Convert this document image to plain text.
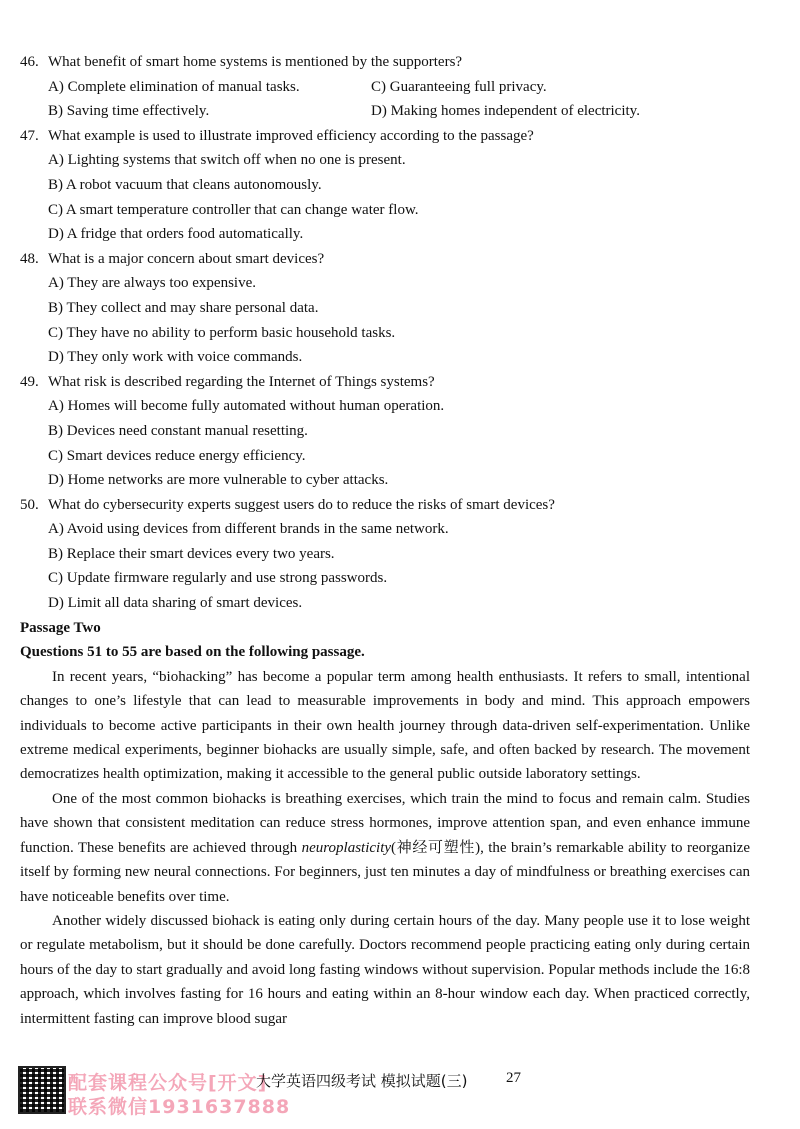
46. What benefit of smart home systems is mentioned by the supporters?
A) Complete elimination of manual tasks.	C) Guaranteeing full privacy.
B) Saving time effectively.	D) Making homes independent of electricity.
47. What example is used to illustrate improved efficiency according to the passage?
A) Lighting systems that switch off when no one is present.
B) A robot vacuum that cleans autonomously.
C) A smart temperature controller that can change water flow.
D) A fridge that orders food automatically.
48. What is a major concern about smart devices?
A) They are always too expensive.
B) They collect and may share personal data.
C) They have no ability to perform basic household tasks.
D) They only work with voice commands.
49. What risk is described regarding the Internet of Things systems?
A) Homes will become fully automated without human operation.
B) Devices need constant manual resetting.
C) Smart devices reduce energy efficiency.
D) Home networks are more vulnerable to cyber attacks.
50. What do cybersecurity experts suggest users do to reduce the risks of smart devices?
A) Avoid using devices from different brands in the same network.
B) Replace their smart devices every two years.
C) Update firmware regularly and use strong passwords.
D) Limit all data sharing of smart devices.
Passage Two
Questions 51 to 55 are based on the following passage.

In recent years, “biohacking” has become a popular term among health enthusiasts. It refers to small, intentional changes to one’s lifestyle that can lead to measurable improvements in body and mind. This approach empowers individuals to become active participants in their own health journey through data-driven self-experimentation. Unlike extreme medical experiments, beginner biohacks are usually simple, safe, and often backed by research. The movement democratizes health optimization, making it accessible to the general public outside laboratory settings.

One of the most common biohacks is breathing exercises, which train the mind to focus and remain calm. Studies have shown that consistent meditation can reduce stress hormones, improve attention span, and even enhance immune function. These benefits are achieved through neuroplasticity(神经可塑性), the brain’s remarkable ability to reorganize itself by forming new neural connections. For beginners, just ten minutes a day of mindfulness or breathing exercises can have noticeable benefits over time.

Another widely discussed biohack is eating only during certain hours of the day. Many people use it to lose weight or regulate metabolism, but it should be done carefully. Doctors recommend people practicing eating only during certain hours of the day to start gradually and avoid long fasting windows without supervision. Popular methods include the 16:8 approach, which involves fasting for 16 hours and eating within an 8-hour window each day. When practiced correctly, intermittent fasting can improve blood sugar

配套课程公众号[开文]
联系微信1931637888
大学英语四级考试 模拟试题(三)	27
